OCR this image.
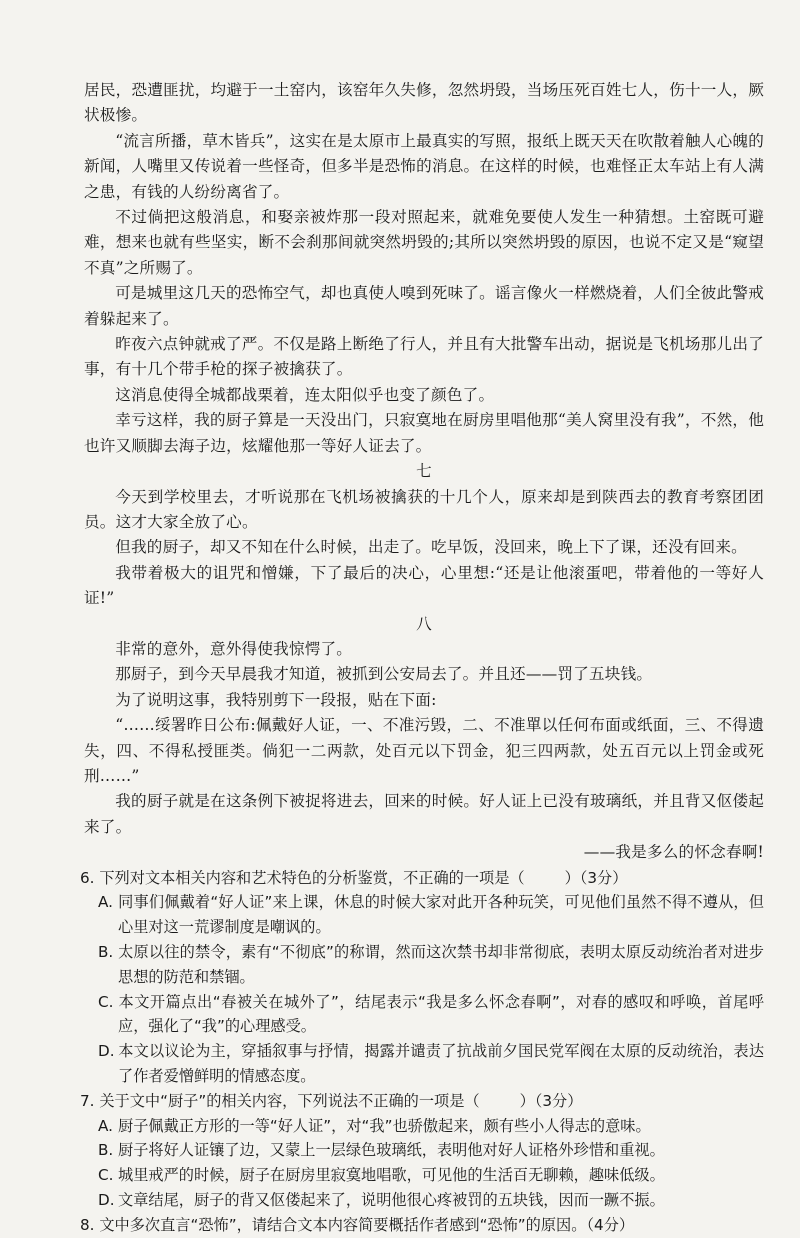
居民，恐遭匪扰，均避于一土窑内，该窑年久失修，忽然坍毁，当场压死百姓七人，伤十一人，厥状极惨。

“流言所播，草木皆兵”，这实在是太原市上最真实的写照，报纸上既天天在吹散着触人心魄的新闻，人嘴里又传说着一些怪奇，但多半是恐怖的消息。在这样的时候，也难怪正太车站上有人满之患，有钱的人纷纷离省了。

不过倘把这般消息，和娶亲被炸那一段对照起来，就难免要使人发生一种猜想。土窑既可避难，想来也就有些坚实，断不会刹那间就突然坍毁的;其所以突然坍毁的原因，也说不定又是“窥望不真”之所赐了。

可是城里这几天的恐怖空气，却也真使人嗅到死味了。谣言像火一样燃烧着，人们全彼此警戒着躲起来了。

昨夜六点钟就戒了严。不仅是路上断绝了行人，并且有大批警车出动，据说是飞机场那儿出了事，有十几个带手枪的探子被擒获了。

这消息使得全城都战栗着，连太阳似乎也变了颜色了。

幸亏这样，我的厨子算是一天没出门，只寂寞地在厨房里唱他那“美人窝里没有我”，不然，他也许又顺脚去海子边，炫耀他那一等好人证去了。

七

今天到学校里去，才听说那在飞机场被擒获的十几个人，原来却是到陕西去的教育考察团团员。这才大家全放了心。

但我的厨子，却又不知在什么时候，出走了。吃早饭，没回来，晚上下了课，还没有回来。

我带着极大的诅咒和憎嫌，下了最后的决心，心里想:“还是让他滚蛋吧，带着他的一等好人证!”

八

非常的意外，意外得使我惊愕了。

那厨子，到今天早晨我才知道，被抓到公安局去了。并且还——罚了五块钱。

为了说明这事，我特别剪下一段报，贴在下面:

“……绥署昨日公布:佩戴好人证，一、不准污毁，二、不准單以任何布面或纸面，三、不得遗失，四、不得私授匪类。倘犯一二两款，处百元以下罚金，犯三四两款，处五百元以上罚金或死刑……”

我的厨子就是在这条例下被捉将进去，回来的时候。好人证上已没有玻璃纸，并且背又伛偻起来了。

——我是多么的怀念春啊!

6. 下列对文本相关内容和艺术特色的分析鉴赏，不正确的一项是（	）（3分）

A. 同事们佩戴着“好人证”来上课，休息的时候大家对此开各种玩笑，可见他们虽然不得不遵从，但心里对这一荒谬制度是嘲讽的。

B. 太原以往的禁令，素有“不彻底”的称谓，然而这次禁书却非常彻底，表明太原反动统治者对进步思想的防范和禁锢。

C. 本文开篇点出“春被关在城外了”，结尾表示“我是多么怀念春啊”，对春的感叹和呼唤，首尾呼应，强化了“我”的心理感受。

D. 本文以议论为主，穿插叙事与抒情，揭露并谴责了抗战前夕国民党军阀在太原的反动统治，表达了作者爱憎鲜明的情感态度。

7. 关于文中“厨子”的相关内容，下列说法不正确的一项是（	）（3分）

A. 厨子佩戴正方形的一等“好人证”，对“我”也骄傲起来，颇有些小人得志的意味。

B. 厨子将好人证镶了边，又蒙上一层绿色玻璃纸，表明他对好人证格外珍惜和重视。

C. 城里戒严的时候，厨子在厨房里寂寞地唱歌，可见他的生活百无聊赖，趣味低级。

D. 文章结尾，厨子的背又伛偻起来了，说明他很心疼被罚的五块钱，因而一蹶不振。

8. 文中多次直言“恐怖”，请结合文本内容简要概括作者感到“恐怖”的原因。（4分）
